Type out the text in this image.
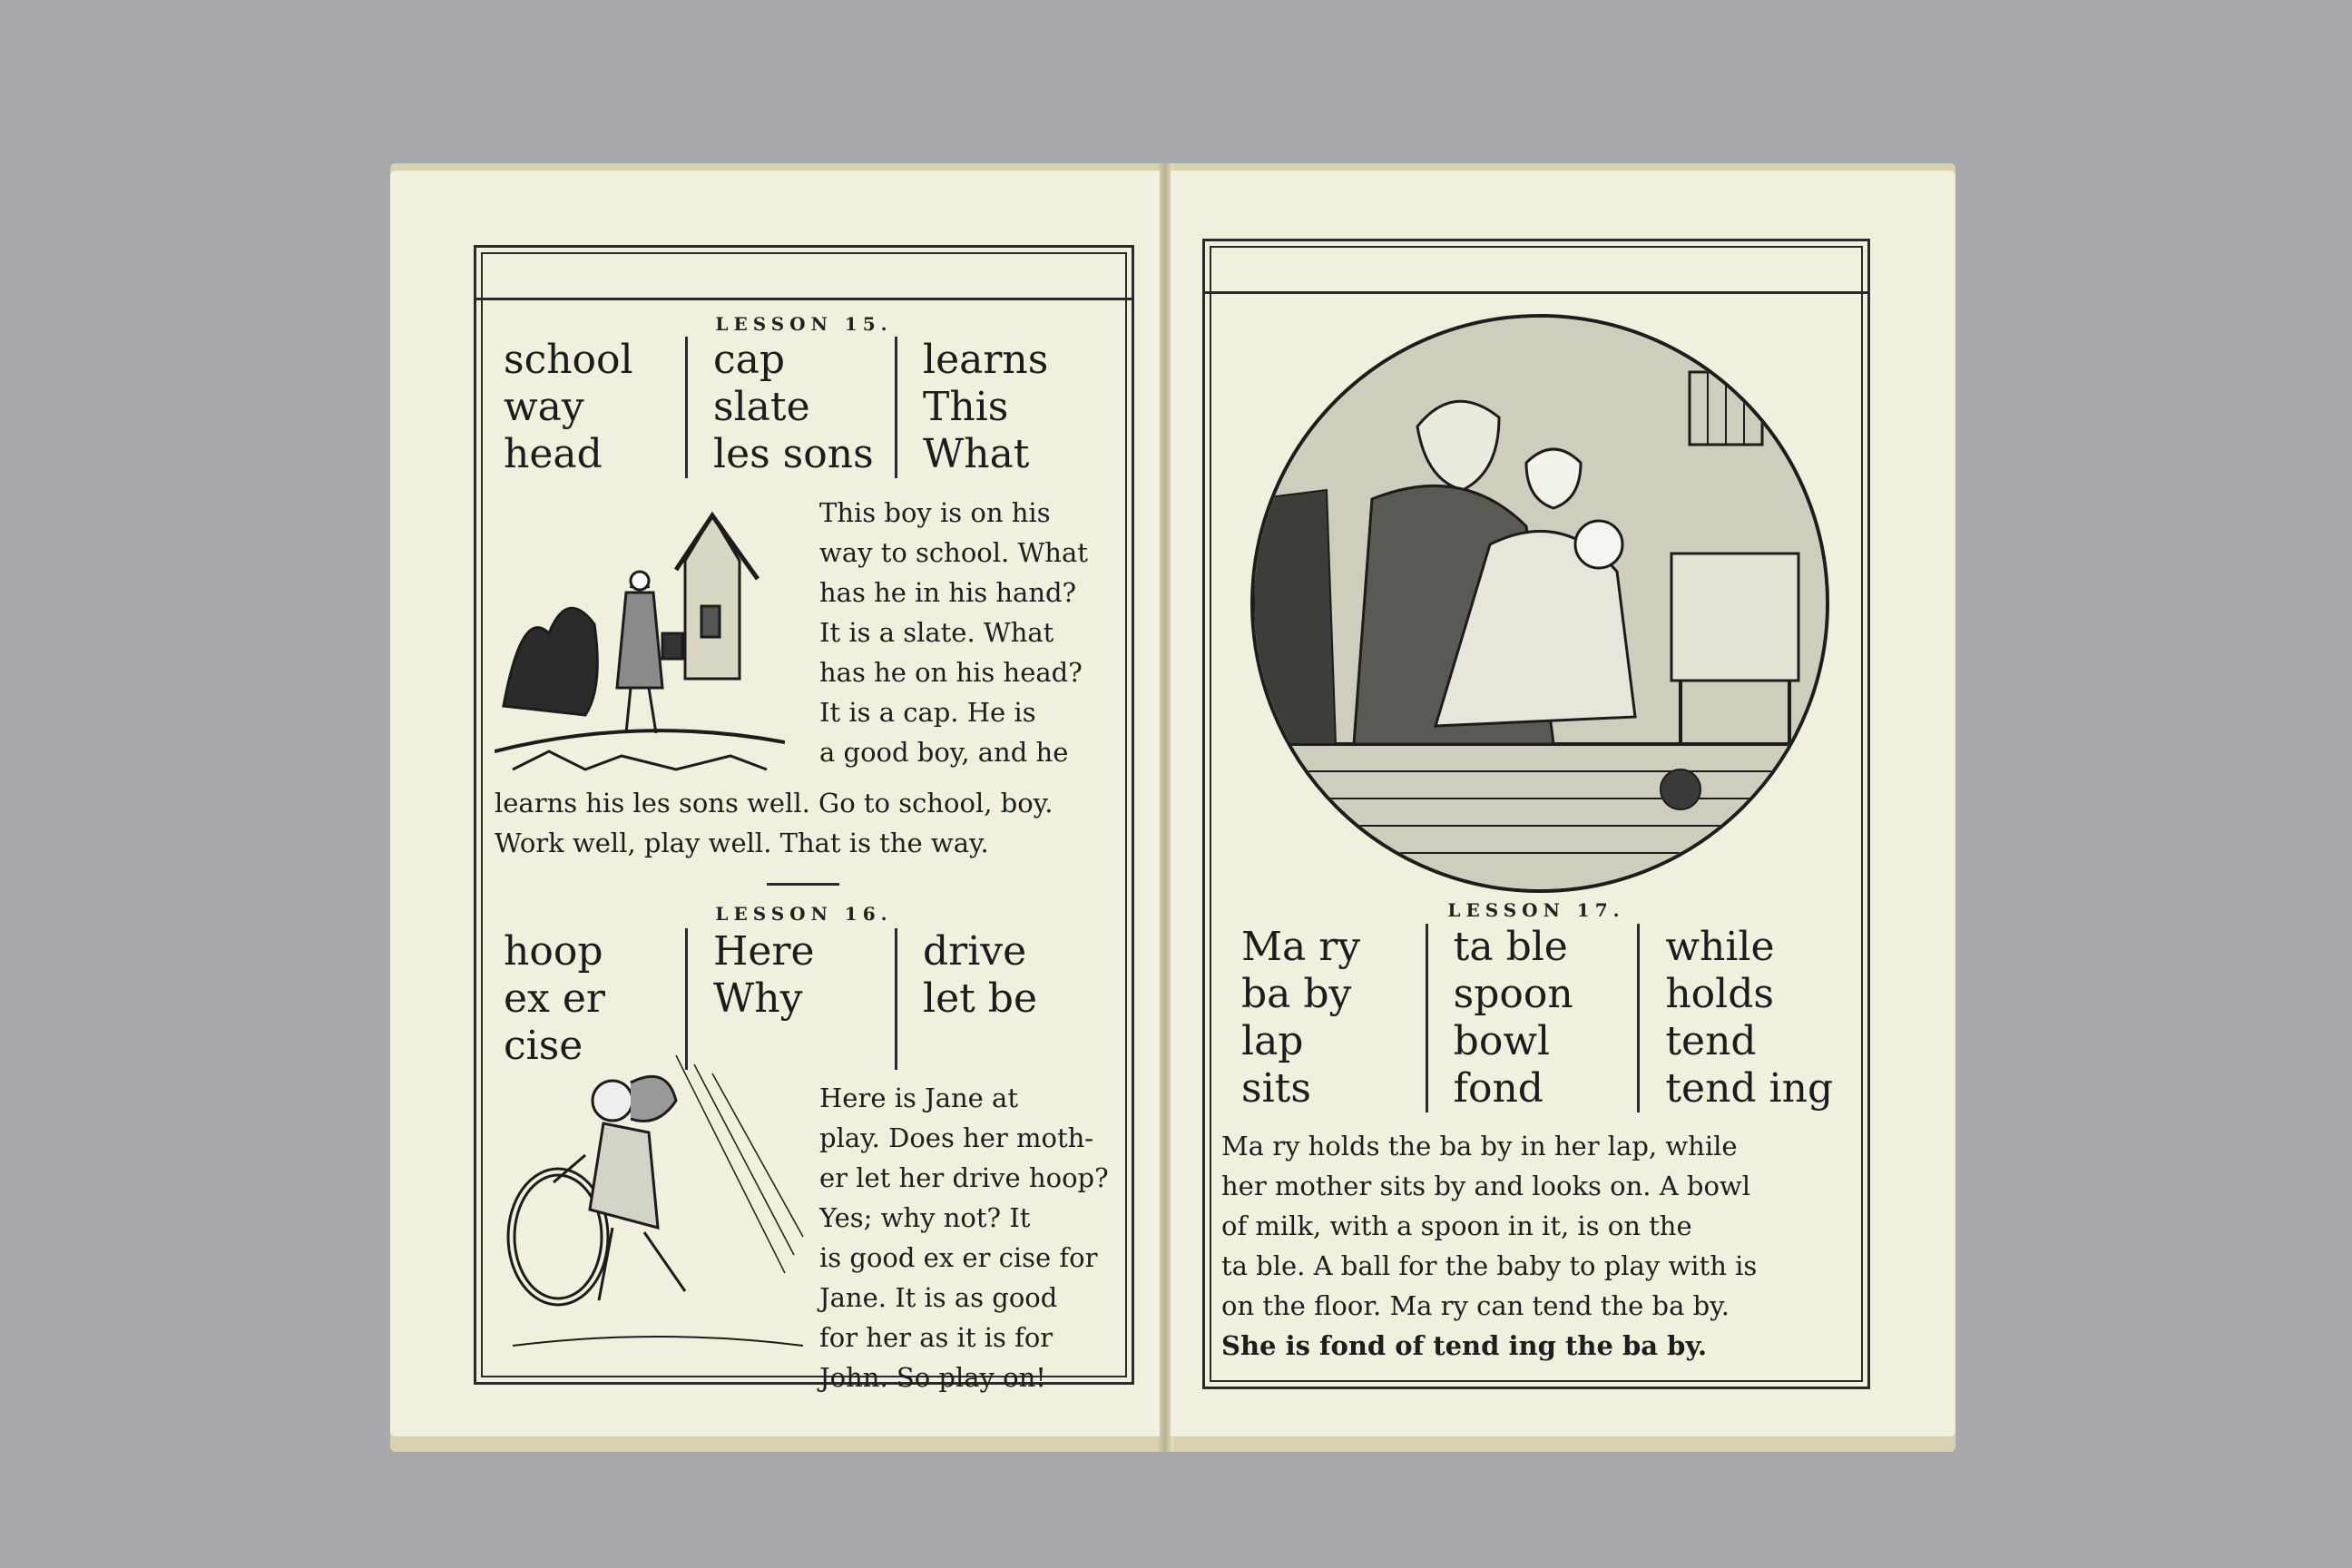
LESSON 15.
school
way
head
cap
slate
les sons
learns
This
What
This boy is on his
way to school. What
has he in his hand?
It is a slate. What
has he on his head?
It is a cap. He is
a good boy, and he
learns his les sons well. Go to school, boy.
Work well, play well. That is the way.
LESSON 16.
hoop
ex er cise
Here
Why
drive
let be
Here is Jane at
play. Does her moth-
er let her drive hoop?
Yes; why not? It
is good ex er cise for
Jane. It is as good
for her as it is for
John. So play on!
LESSON 17.
Ma ry
ba by
lap
sits
ta ble
spoon
bowl
fond
while
holds
tend
tend ing
Ma ry holds the ba by in her lap, while
her mother sits by and looks on. A bowl
of milk, with a spoon in it, is on the
ta ble. A ball for the baby to play with is
on the floor. Ma ry can tend the ba by.
She is fond of tend ing the ba by.
